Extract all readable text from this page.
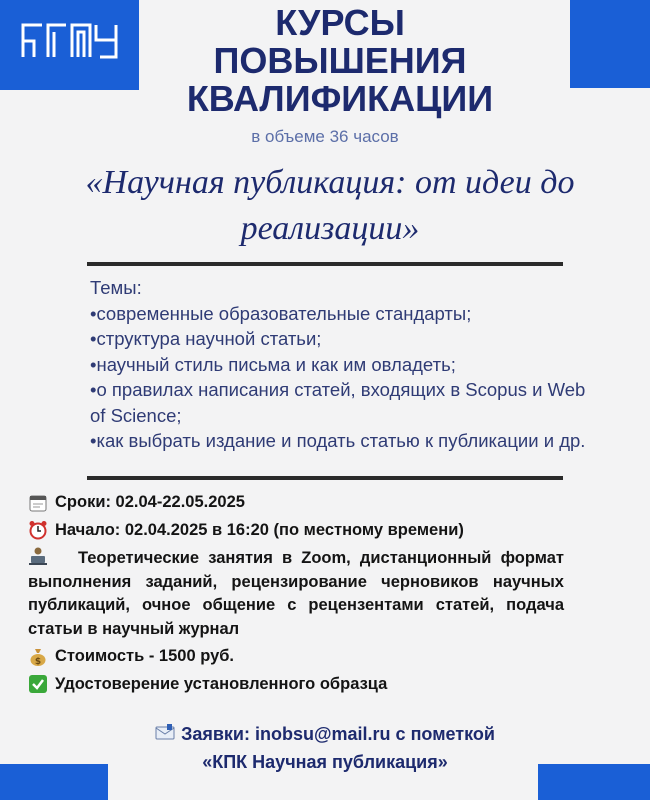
КУРСЫ
ПОВЫШЕНИЯ
КВАЛИФИКАЦИИ
в объеме 36 часов
«Научная публикация: от идеи до
реализации»
Темы:
•современные образовательные стандарты;
•структура научной статьи;
•научный стиль письма и как им овладеть;
•о правилах написания статей, входящих в Scopus и Web of Science;
•как выбрать издание и подать статью к публикации и др.
Сроки: 02.04-22.05.2025
Начало: 02.04.2025 в 16:20 (по местному времени)
Теоретические занятия в Zoom, дистанционный формат выполнения заданий, рецензирование черновиков научных публикаций, очное общение с рецензентами статей, подача статьи в научный журнал
$ Стоимость - 1500 руб.
Удостоверение установленного образца
Заявки: inobsu@mail.ru с пометкой
«КПК Научная публикация»
